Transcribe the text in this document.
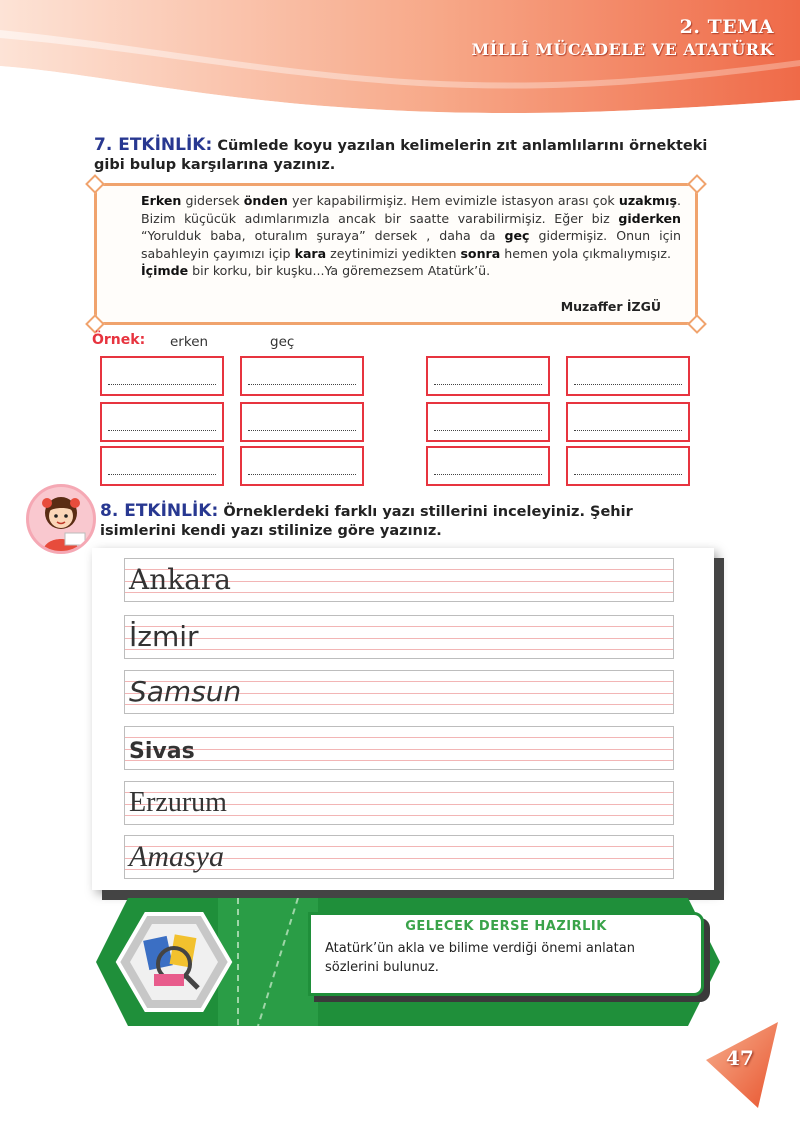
2. TEMA
MİLLÎ MÜCADELE VE ATATÜRK
7. ETKİNLİK: Cümlede koyu yazılan kelimelerin zıt anlamlılarını örnekteki gibi bulup karşılarına yazınız.
Erken gidersek önden yer kapabilirmişiz. Hem evimizle istasyon arası çok uzakmış. Bizim küçücük adımlarımızla ancak bir saatte varabilirmişiz. Eğer biz giderken “Yorulduk baba, oturalım şuraya” dersek , daha da geç gidermişiz. Onun için sabahleyin çayımızı içip kara zeytinimizi yedikten sonra hemen yola çıkmalıymışız.
İçimde bir korku, bir kuşku...Ya göremezsem Atatürk’ü.
Muzaffer İZGÜ
Örnek: erken	geç
8. ETKİNLİK: Örneklerdeki farklı yazı stillerini inceleyiniz. Şehir isimlerini kendi yazı stilinize göre yazınız.
Ankara
İzmir
Samsun
Sivas
Erzurum
Amasya
GELECEK DERSE HAZIRLIK
Atatürk’ün akla ve bilime verdiği önemi anlatan sözlerini bulunuz.
47
